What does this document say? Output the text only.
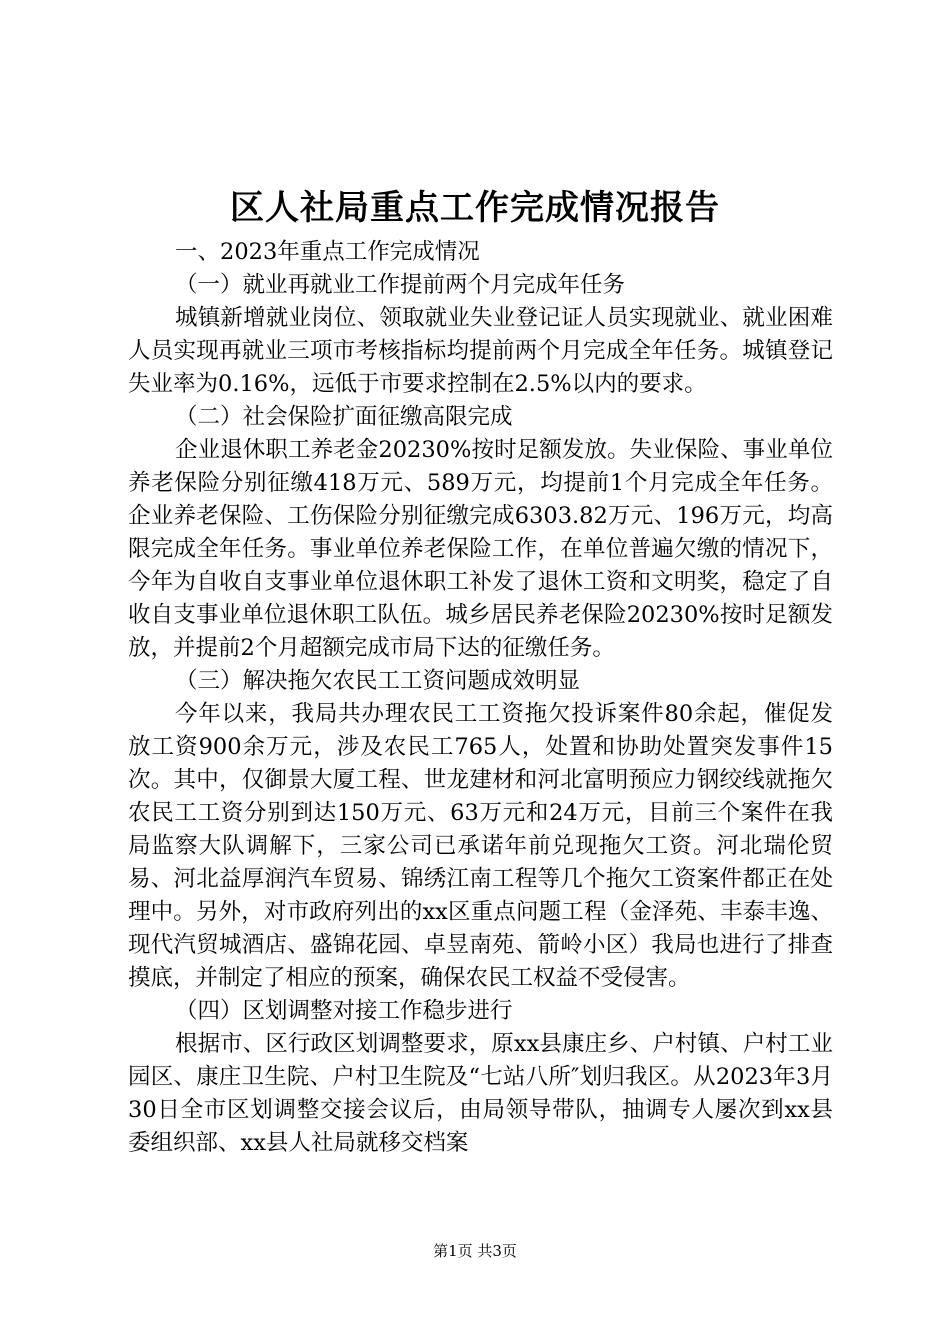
区人社局重点工作完成情况报告

一、2023年重点工作完成情况

（一）就业再就业工作提前两个月完成年任务

城镇新增就业岗位、领取就业失业登记证人员实现就业、就业困难人员实现再就业三项市考核指标均提前两个月完成全年任务。城镇登记失业率为0.16%，远低于市要求控制在2.5%以内的要求。

（二）社会保险扩面征缴高限完成

企业退休职工养老金20230%按时足额发放。失业保险、事业单位养老保险分别征缴418万元、589万元，均提前1个月完成全年任务。企业养老保险、工伤保险分别征缴完成6303.82万元、196万元，均高限完成全年任务。事业单位养老保险工作，在单位普遍欠缴的情况下，今年为自收自支事业单位退休职工补发了退休工资和文明奖，稳定了自收自支事业单位退休职工队伍。城乡居民养老保险20230%按时足额发放，并提前2个月超额完成市局下达的征缴任务。

（三）解决拖欠农民工工资问题成效明显

今年以来，我局共办理农民工工资拖欠投诉案件80余起，催促发放工资900余万元，涉及农民工765人，处置和协助处置突发事件15次。其中，仅御景大厦工程、世龙建材和河北富明预应力钢绞线就拖欠农民工工资分别到达150万元、63万元和24万元，目前三个案件在我局监察大队调解下，三家公司已承诺年前兑现拖欠工资。河北瑞伦贸易、河北益厚润汽车贸易、锦绣江南工程等几个拖欠工资案件都正在处理中。另外，对市政府列出的xx区重点问题工程（金泽苑、丰泰丰逸、现代汽贸城酒店、盛锦花园、卓昱南苑、箭岭小区）我局也进行了排查摸底，并制定了相应的预案，确保农民工权益不受侵害。

（四）区划调整对接工作稳步进行

根据市、区行政区划调整要求，原xx县康庄乡、户村镇、户村工业园区、康庄卫生院、户村卫生院及“七站八所″划归我区。从2023年3月30日全市区划调整交接会议后，由局领导带队，抽调专人屡次到xx县委组织部、xx县人社局就移交档案

第1页 共3页
